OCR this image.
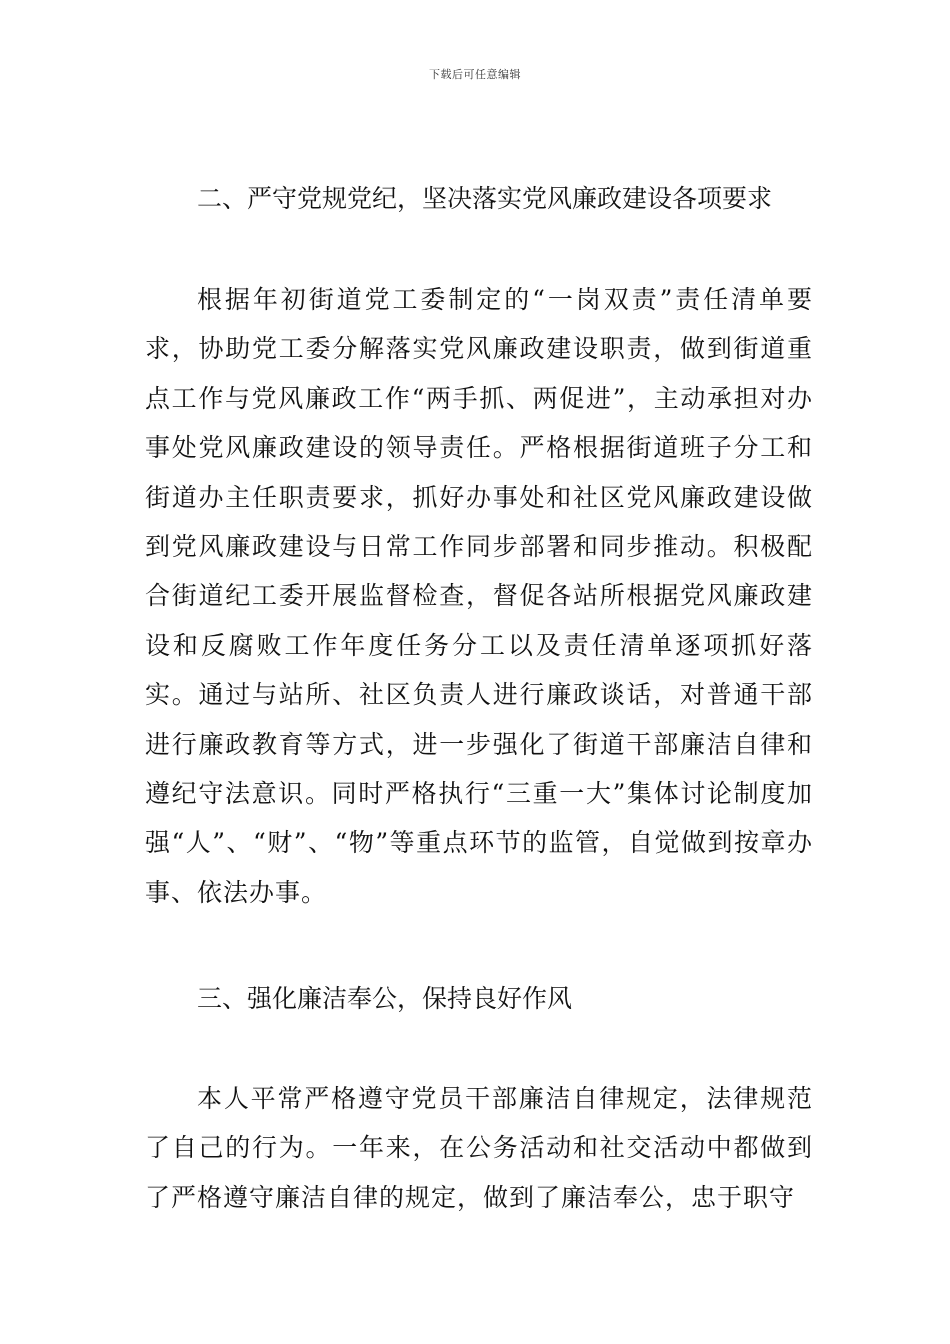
下载后可任意编辑
二、严守党规党纪，坚决落实党风廉政建设各项要求
根据年初街道党工委制定的“一岗双责”责任清单要求，协助党工委分解落实党风廉政建设职责，做到街道重点工作与党风廉政工作“两手抓、两促进”，主动承担对办事处党风廉政建设的领导责任。严格根据街道班子分工和街道办主任职责要求，抓好办事处和社区党风廉政建设做到党风廉政建设与日常工作同步部署和同步推动。积极配合街道纪工委开展监督检查，督促各站所根据党风廉政建设和反腐败工作年度任务分工以及责任清单逐项抓好落实。通过与站所、社区负责人进行廉政谈话，对普通干部进行廉政教育等方式，进一步强化了街道干部廉洁自律和遵纪守法意识。同时严格执行“三重一大”集体讨论制度加强“人”、“财”、“物”等重点环节的监管，自觉做到按章办事、依法办事。
三、强化廉洁奉公，保持良好作风
本人平常严格遵守党员干部廉洁自律规定，法律规范了自己的行为。一年来，在公务活动和社交活动中都做到了严格遵守廉洁自律的规定，做到了廉洁奉公，忠于职守
